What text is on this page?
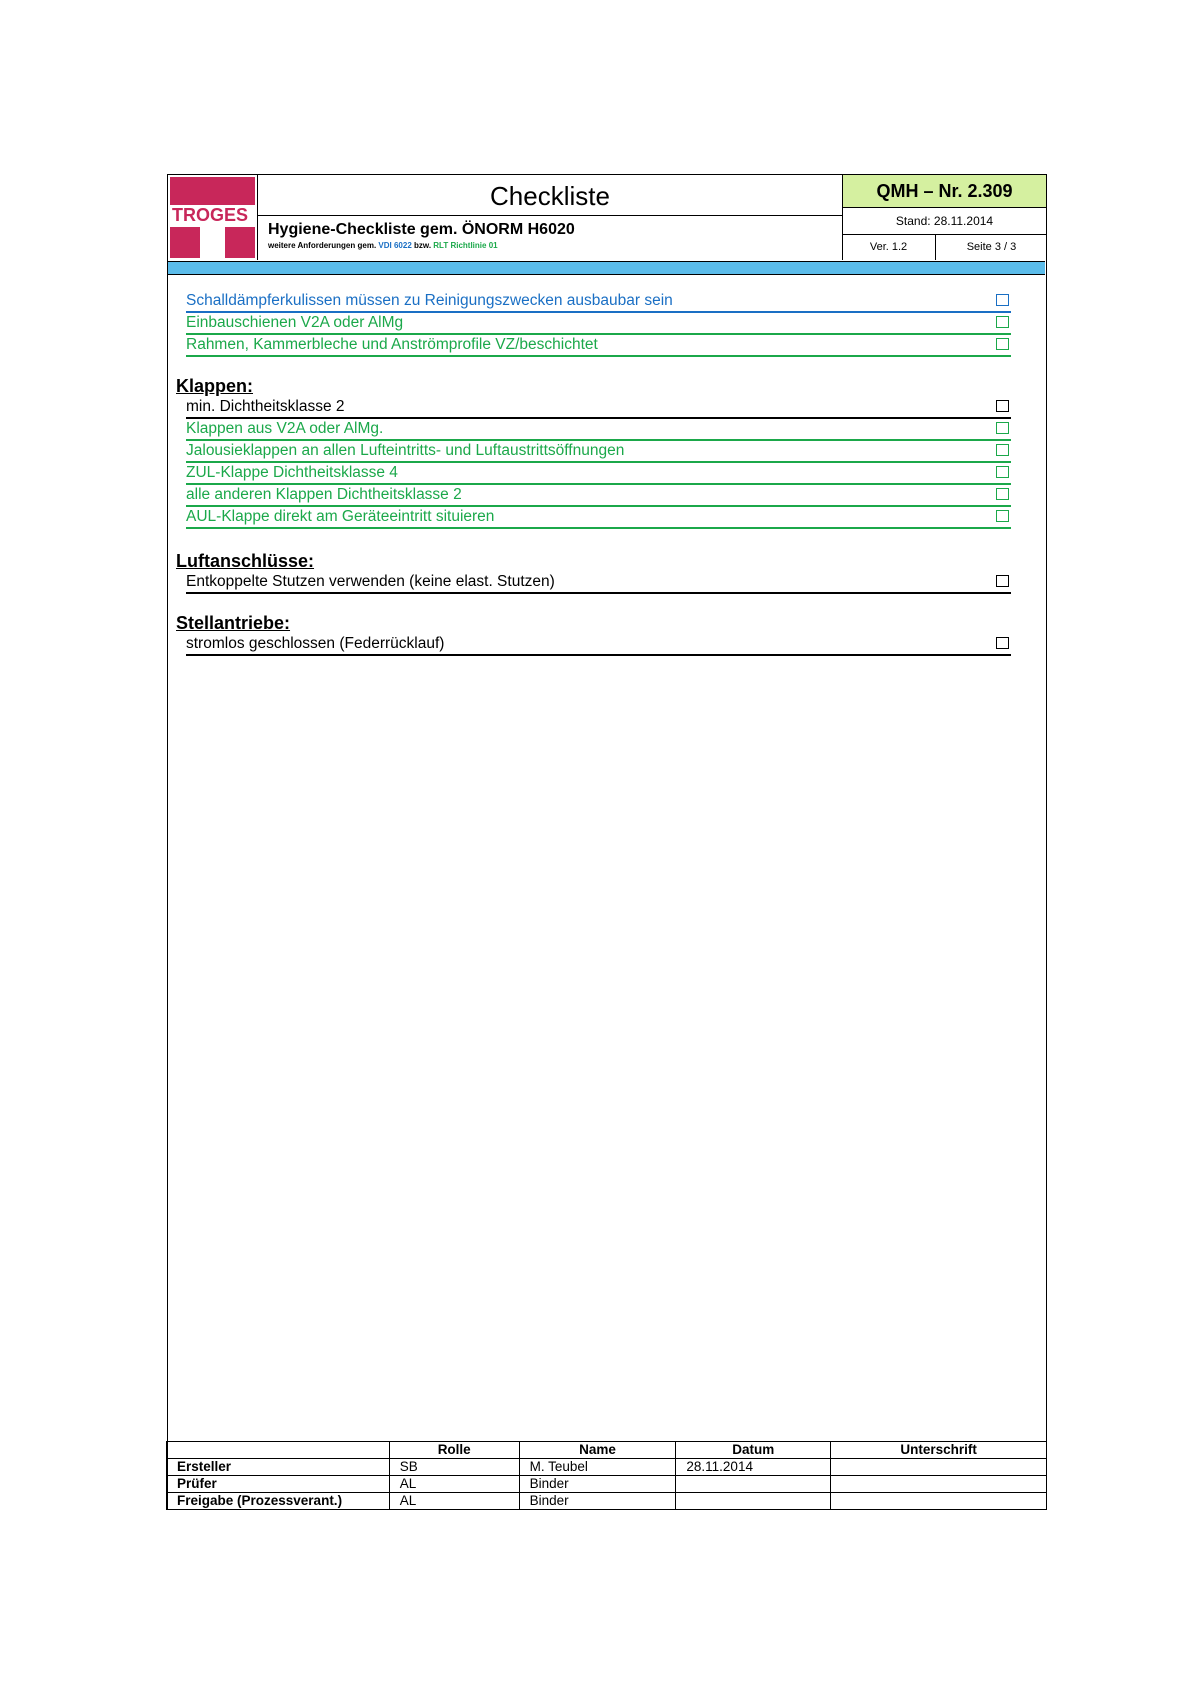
TROGES
Checkliste
Hygiene-Checkliste gem. ÖNORM H6020
weitere Anforderungen gem. VDI 6022 bzw. RLT Richtlinie 01
QMH – Nr. 2.309
Stand: 28.11.2014
Ver. 1.2	Seite 3 / 3
Schalldämpferkulissen müssen zu Reinigungszwecken ausbaubar sein
Einbauschienen V2A oder AlMg
Rahmen, Kammerbleche und Anströmprofile VZ/beschichtet
Klappen:
min. Dichtheitsklasse 2
Klappen aus V2A oder AlMg.
Jalousieklappen an allen Lufteintritts- und Luftaustrittsöffnungen
ZUL-Klappe Dichtheitsklasse 4
alle anderen Klappen Dichtheitsklasse 2
AUL-Klappe direkt am Geräteeintritt situieren
Luftanschlüsse:
Entkoppelte Stutzen verwenden (keine elast. Stutzen)
Stellantriebe:
stromlos geschlossen (Federrücklauf)
	Rolle	Name	Datum	Unterschrift
Ersteller	SB	M. Teubel	28.11.2014	
Prüfer	AL	Binder		
Freigabe (Prozessverant.)	AL	Binder		
